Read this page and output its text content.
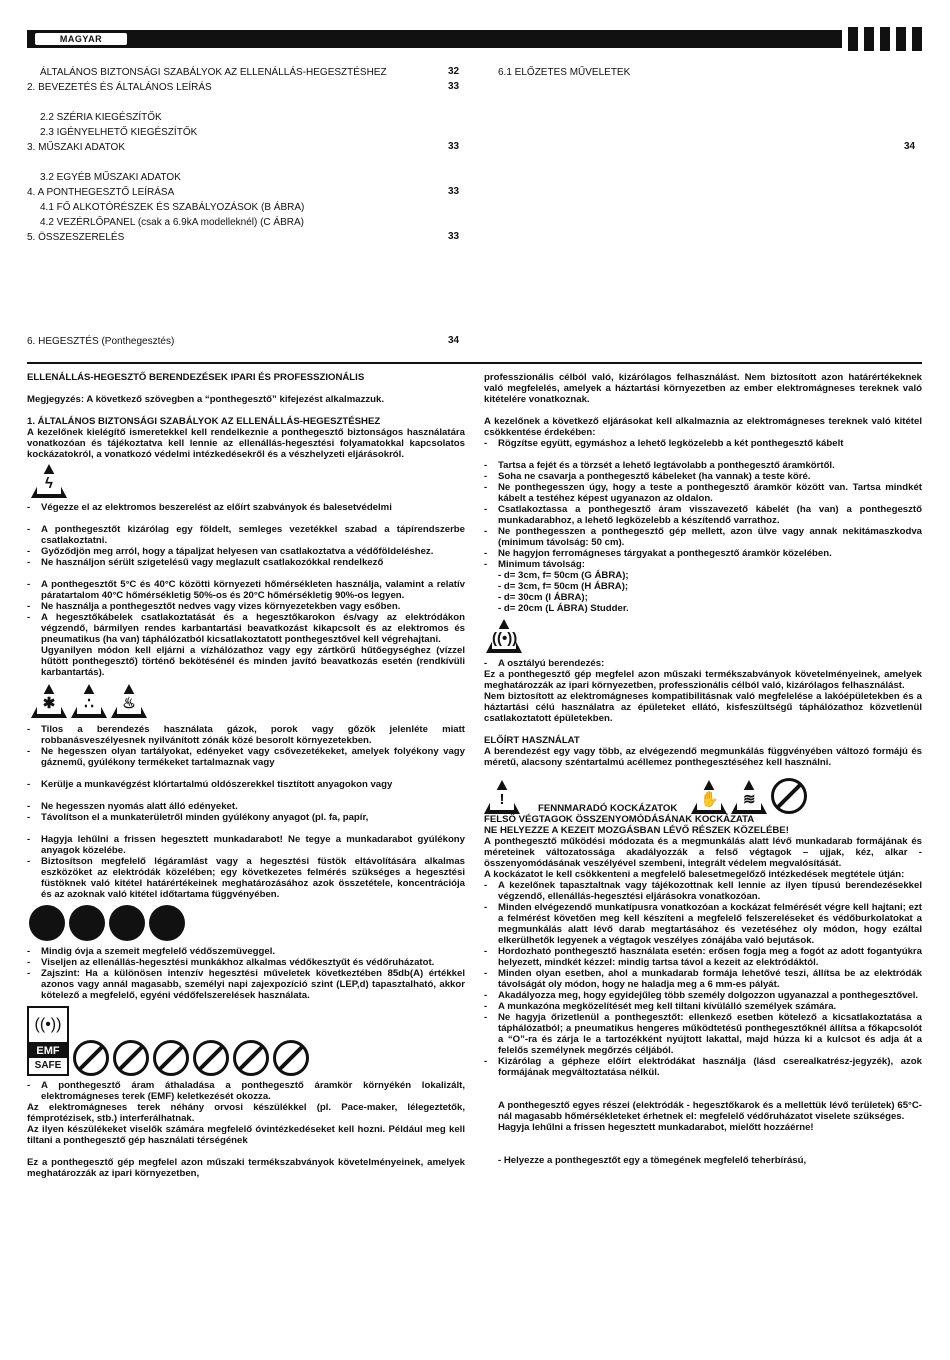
MAGYAR
ÁLTALÁNOS BIZTONSÁGI SZABÁLYOK AZ ELLENÁLLÁS-HEGESZTÉSHEZ	32
2. BEVEZETÉS ÉS ÁLTALÁNOS LEÍRÁS	33
2.2 SZÉRIA KIEGÉSZÍTŐK
2.3 IGÉNYELHETŐ KIEGÉSZÍTŐK
3. MŰSZAKI ADATOK	33
3.2 EGYÉB MŰSZAKI ADATOK
4. A PONTHEGESZTŐ LEÍRÁSA	33
4.1 FŐ ALKOTÓRÉSZEK ÉS SZABÁLYOZÁSOK (B ÁBRA)
4.2 VEZÉRLŐPANEL (csak a 6.9kA modelleknél) (C ÁBRA)
5. ÖSSZESZERELÉS	33
6. HEGESZTÉS (Ponthegesztés)	34
6.1 ELŐZETES MŰVELETEK
34

ELLENÁLLÁS-HEGESZTŐ BERENDEZÉSEK IPARI ÉS PROFESSZIONÁLIS

Megjegyzés: A következő szövegben a “ponthegesztő” kifejezést alkalmazzuk.

1. ÁLTALÁNOS BIZTONSÁGI SZABÁLYOK AZ ELLENÁLLÁS-HEGESZTÉSHEZ

A kezelőnek kielégítő ismeretekkel kell rendelkeznie a ponthegesztő biztonságos használatára vonatkozóan és tájékoztatva kell lennie az ellenállás-hegesztési folyamatokkal kapcsolatos kockázatokról, a vonatkozó védelmi intézkedésekről és a vészhelyzeti eljárásokról.

ϟ
-	Végezze el az elektromos beszerelést az előírt szabványok és balesetvédelmi
-	A ponthegesztőt kizárólag egy földelt, semleges vezetékkel szabad a tápírendszerbe csatlakoztatni.
-	Győződjön meg arról, hogy a tápaljzat helyesen van csatlakoztatva a védőföldeléshez.
-	Ne használjon sérült szigetelésű vagy meglazult csatlakozókkal rendelkező
-	A ponthegesztőt 5°C és 40°C közötti környezeti hőmérsékleten használja, valamint a relatív páratartalom 40°C hőmérsékletig 50%-os és 20°C hőmérsékletig 90%-os legyen.
-	Ne használja a ponthegesztőt nedves vagy vizes környezetekben vagy esőben.
-	A hegesztőkábelek csatlakoztatását és a hegesztőkarokon és/vagy az elektródákon végzendő, bármilyen rendes karbantartási beavatkozást kikapcsolt és az elektromos és pneumatikus (ha van) táphálózatból kicsatlakoztatott ponthegesztővel kell végrehajtani.
Ugyanilyen módon kell eljárni a vízhálózathoz vagy egy zártkörű hűtőegységhez (vízzel hűtött ponthegesztő) történő bekötésénél és minden javító beavatkozás esetén (rendkívüli karbantartás).
✱	∴	♨
-	Tilos a berendezés használata gázok, porok vagy gőzök jelenléte miatt robbanásveszélyesnek nyilvánított zónák közé besorolt környezetekben.
-	Ne hegesszen olyan tartályokat, edényeket vagy csővezetékeket, amelyek folyékony vagy gáznemű, gyúlékony termékeket tartalmaznak vagy
-	Kerülje a munkavégzést klórtartalmú oldószerekkel tisztított anyagokon vagy
-	Ne hegesszen nyomás alatt álló edényeket.
-	Távolítson el a munkaterületről minden gyúlékony anyagot (pl. fa, papír,
-	Hagyja lehűlni a frissen hegesztett munkadarabot! Ne tegye a munkadarabot gyúlékony anyagok közelébe.
-	Biztosítson megfelelő légáramlást vagy a hegesztési füstök eltávolítására alkalmas eszközöket az elektródák közelében; egy következetes felmérés szükséges a hegesztési füstöknek való kitétel határértékeinek meghatározásához azok összetétele, koncentrációja és az azoknak való kitétel időtartama függvényében.
-	Mindig óvja a szemeit megfelelő védőszemüveggel.
-	Viseljen az ellenállás-hegesztési munkákhoz alkalmas védőkesztyűt és védőruházatot.
-	Zajszint: Ha a különösen intenzív hegesztési műveletek következtében 85db(A) értékkel azonos vagy annál magasabb, személyi napi zajexpozíció szint (LEP,d) tapasztalható, akkor kötelező a megfelelő, egyéni védőfelszerelések használata.
((•))
EMF
SAFE
-	A ponthegesztő áram áthaladása a ponthegesztő áramkör környékén lokalizált, elektromágneses terek (EMF) keletkezését okozza.

Az elektromágneses terek néhány orvosi készülékkel (pl. Pace-maker, lélegeztetők, fémprotézisek, stb.) interferálhatnak.

Az ilyen készülékeket viselők számára megfelelő óvintézkedéseket kell hozni. Például meg kell tiltani a ponthegesztő gép használati térségének

Ez a ponthegesztő gép megfelel azon műszaki termékszabványok követelményeinek, amelyek meghatározzák az ipari környezetben,

professzionális célból való, kizárólagos felhasználást. Nem biztosított azon határértékeknek való megfelelés, amelyek a háztartási környezetben az ember elektromágneses tereknek való kitételére vonatkoznak.

A kezelőnek a következő eljárásokat kell alkalmaznia az elektromágneses tereknek való kitétel csökkentése érdekében:

-	Rögzítse együtt, egymáshoz a lehető legközelebb a két ponthegesztő kábelt
-	Tartsa a fejét és a törzsét a lehető legtávolabb a ponthegesztő áramkörtől.
-	Soha ne csavarja a ponthegesztő kábeleket (ha vannak) a teste köré.
-	Ne ponthegesszen úgy, hogy a teste a ponthegesztő áramkör között van. Tartsa mindkét kábelt a testéhez képest ugyanazon az oldalon.
-	Csatlakoztassa a ponthegesztő áram visszavezető kábelét (ha van) a ponthegesztő munkadarabhoz, a lehető legközelebb a készítendő varrathoz.
-	Ne ponthegesszen a ponthegesztő gép mellett, azon ülve vagy annak nekitámaszkodva (minimum távolság: 50 cm).
-	Ne hagyjon ferromágneses tárgyakat a ponthegesztő áramkör közelében.
-	Minimum távolság:

- d= 3cm, f= 50cm (G ÁBRA);

- d= 3cm, f= 50cm (H ÁBRA);

- d= 30cm (I ÁBRA);

- d= 20cm (L ÁBRA) Studder.

((•))
-	A osztályú berendezés:

Ez a ponthegesztő gép megfelel azon műszaki termékszabványok követelményeinek, amelyek meghatározzák az ipari környezetben, professzionális célból való, kizárólagos felhasználást.

Nem biztosított az elektromágneses kompatibilitásnak való megfelelése a lakóépületekben és a háztartási célú használatra az épületeket ellátó, kisfeszültségű táphálózathoz közvetlenül csatlakoztatott épületekben.

ELŐÍRT HASZNÁLAT

A berendezést egy vagy több, az elvégezendő megmunkálás függvényében változó formájú és méretű, alacsony széntartalmú acéllemez ponthegesztéséhez kell használni.

!
FENNMARADÓ KOCKÁZATOK
✋	≋

FELSŐ VÉGTAGOK ÖSSZENYOMÓDÁSÁNAK KOCKÁZATA

NE HELYEZZE A KEZEIT MOZGÁSBAN LÉVŐ RÉSZEK KÖZELÉBE!

A ponthegesztő működési módozata és a megmunkálás alatt lévő munkadarab formájának és méreteinek változatossága akadályozzák a felső végtagok – ujjak, kéz, alkar - összenyomódásának veszélyével szembeni, integrált védelem megvalósítását.

A kockázatot le kell csökkenteni a megfelelő balesetmegelőző intézkedések megtétele útján:

-	A kezelőnek tapasztaltnak vagy tájékozottnak kell lennie az ilyen típusú berendezésekkel végzendő, ellenállás-hegesztési eljárásokra vonatkozóan.
-	Minden elvégezendő munkatípusra vonatkozóan a kockázat felmérését végre kell hajtani; ezt a felmérést követően meg kell készíteni a megfelelő felszereléseket és védőburkolatokat a megmunkálás alatt lévő darab megtartásához és vezetéséhez oly módon, hogy ezáltal elkerülhetők legyenek a végtagok veszélyes zónájába való bejutások.
-	Hordozható ponthegesztő használata esetén: erősen fogja meg a fogót az adott fogantyúkra helyezett, mindkét kézzel: mindig tartsa távol a kezeit az elektródáktól.
-	Minden olyan esetben, ahol a munkadarab formája lehetővé teszi, állítsa be az elektródák távolságát oly módon, hogy ne haladja meg a 6 mm-es pályát.
-	Akadályozza meg, hogy egyidejűleg több személy dolgozzon ugyanazzal a ponthegesztővel.
-	A munkazóna megközelítését meg kell tiltani kívülálló személyek számára.
-	Ne hagyja őrizetlenül a ponthegesztőt: ellenkező esetben kötelező a kicsatlakoztatása a táphálózatból; a pneumatikus hengeres működtetésű ponthegesztőknél állítsa a főkapcsolót a “O”-ra és zárja le a tartozékként nyújtott lakattal, majd húzza ki a kulcsot és adja át a felelős személynek megőrzés céljából.
-	Kizárólag a gépheze előírt elektródákat használja (lásd cserealkatrész-jegyzék), azok formájának megváltoztatása nélkül.

A ponthegesztő egyes részei (elektródák - hegesztőkarok és a mellettük lévő területek) 65°C-nál magasabb hőmérsékleteket érhetnek el: megfelelő védőruházatot viselete szükséges.

Hagyja lehűlni a frissen hegesztett munkadarabot, mielőtt hozzáérne!

- Helyezze a ponthegesztőt egy a tömegének megfelelő teherbírású,
